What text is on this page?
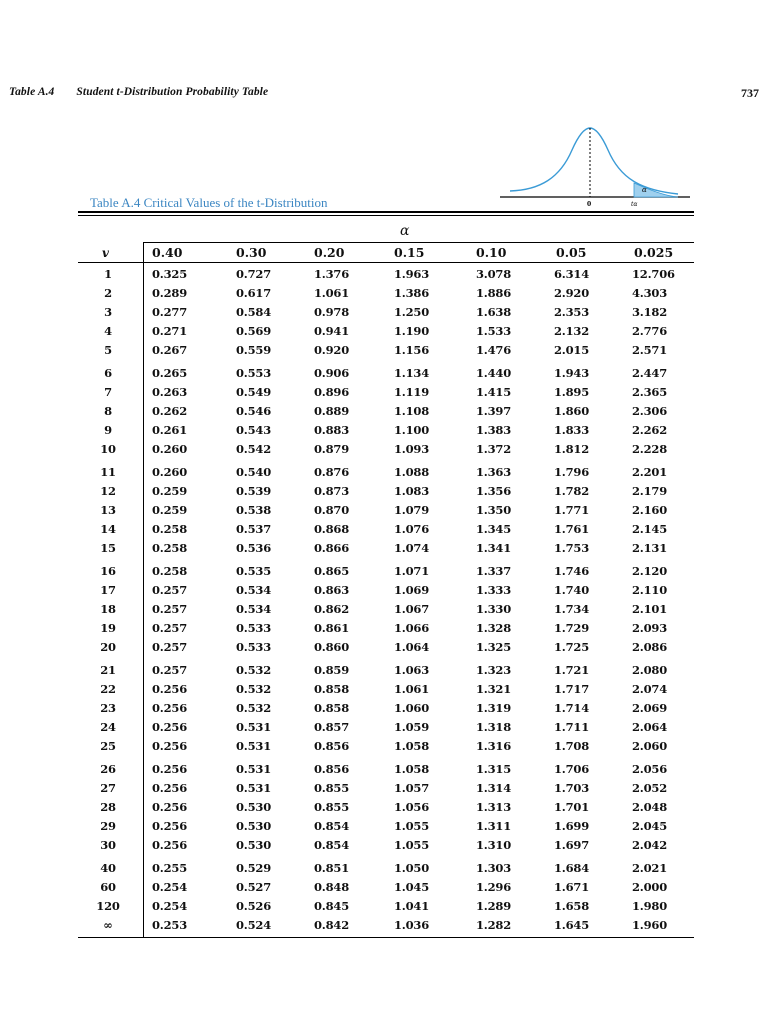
Table A.4 Student t-Distribution Probability Table	737
0	tα
α
Table A.4 Critical Values of the t-Distribution
α
v	0.40	0.30	0.20	0.15	0.10	0.05	0.025
1	0.325	0.727	1.376	1.963	3.078	6.314	12.706
2	0.289	0.617	1.061	1.386	1.886	2.920	4.303
3	0.277	0.584	0.978	1.250	1.638	2.353	3.182
4	0.271	0.569	0.941	1.190	1.533	2.132	2.776
5	0.267	0.559	0.920	1.156	1.476	2.015	2.571
6	0.265	0.553	0.906	1.134	1.440	1.943	2.447
7	0.263	0.549	0.896	1.119	1.415	1.895	2.365
8	0.262	0.546	0.889	1.108	1.397	1.860	2.306
9	0.261	0.543	0.883	1.100	1.383	1.833	2.262
10	0.260	0.542	0.879	1.093	1.372	1.812	2.228
11	0.260	0.540	0.876	1.088	1.363	1.796	2.201
12	0.259	0.539	0.873	1.083	1.356	1.782	2.179
13	0.259	0.538	0.870	1.079	1.350	1.771	2.160
14	0.258	0.537	0.868	1.076	1.345	1.761	2.145
15	0.258	0.536	0.866	1.074	1.341	1.753	2.131
16	0.258	0.535	0.865	1.071	1.337	1.746	2.120
17	0.257	0.534	0.863	1.069	1.333	1.740	2.110
18	0.257	0.534	0.862	1.067	1.330	1.734	2.101
19	0.257	0.533	0.861	1.066	1.328	1.729	2.093
20	0.257	0.533	0.860	1.064	1.325	1.725	2.086
21	0.257	0.532	0.859	1.063	1.323	1.721	2.080
22	0.256	0.532	0.858	1.061	1.321	1.717	2.074
23	0.256	0.532	0.858	1.060	1.319	1.714	2.069
24	0.256	0.531	0.857	1.059	1.318	1.711	2.064
25	0.256	0.531	0.856	1.058	1.316	1.708	2.060
26	0.256	0.531	0.856	1.058	1.315	1.706	2.056
27	0.256	0.531	0.855	1.057	1.314	1.703	2.052
28	0.256	0.530	0.855	1.056	1.313	1.701	2.048
29	0.256	0.530	0.854	1.055	1.311	1.699	2.045
30	0.256	0.530	0.854	1.055	1.310	1.697	2.042
40	0.255	0.529	0.851	1.050	1.303	1.684	2.021
60	0.254	0.527	0.848	1.045	1.296	1.671	2.000
120	0.254	0.526	0.845	1.041	1.289	1.658	1.980
∞	0.253	0.524	0.842	1.036	1.282	1.645	1.960
